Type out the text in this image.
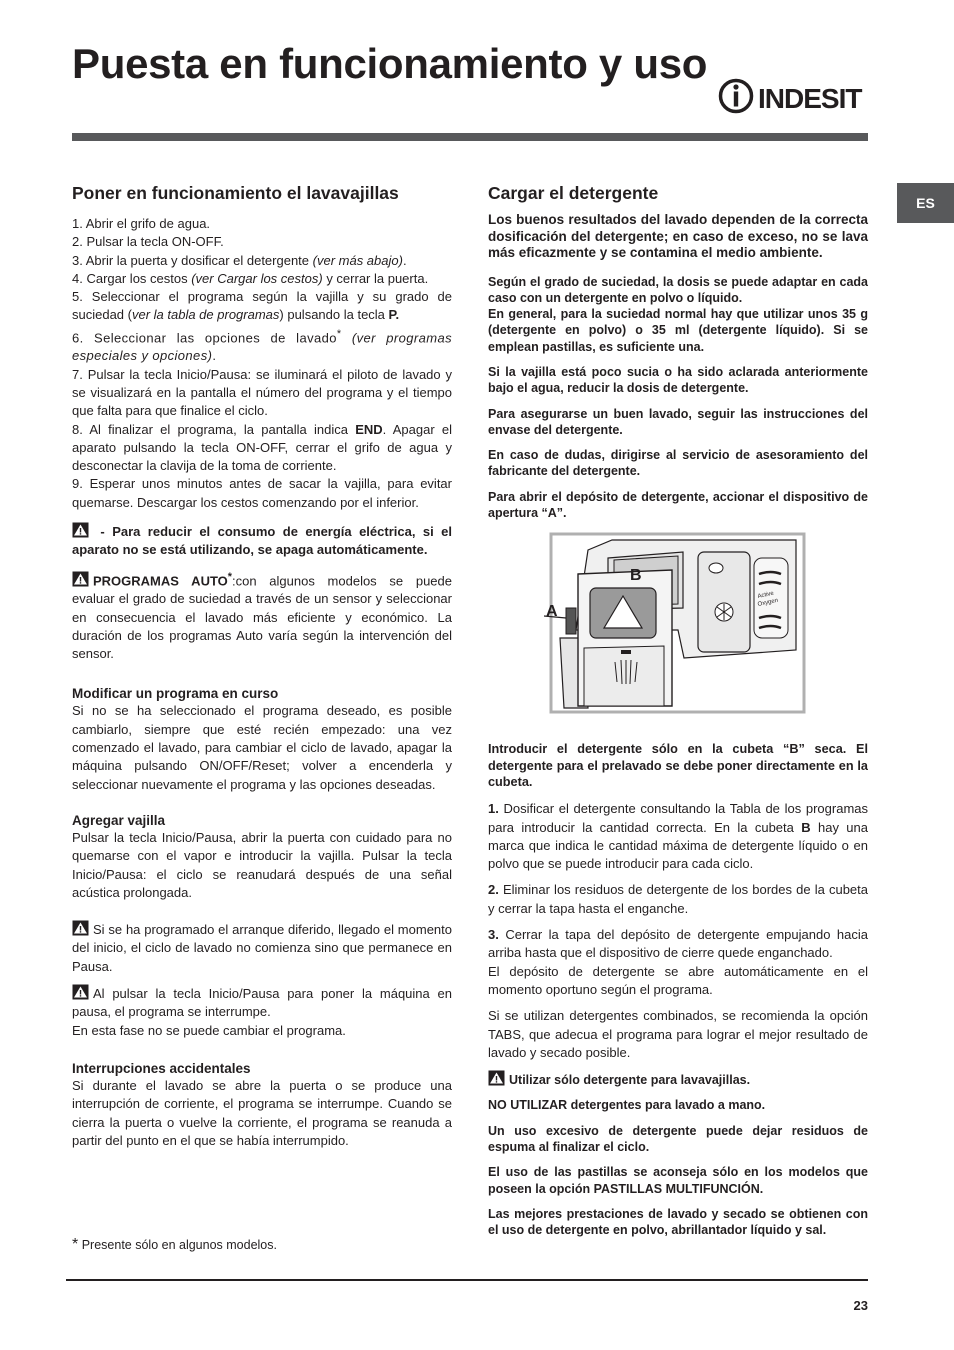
Puesta en funcionamiento y uso
INDESIT
ES
Poner en funcionamiento el lavavajillas

1. Abrir el grifo de agua.

2. Pulsar la tecla ON-OFF.

3. Abrir la puerta y dosificar el detergente (ver más abajo).

4. Cargar los cestos (ver Cargar los cestos) y cerrar la puerta.

5. Seleccionar el programa según la vajilla y su grado de suciedad (ver la tabla de programas) pulsando la tecla P.

6. Seleccionar las opciones de lavado* (ver programas especiales y opciones).

7. Pulsar la tecla Inicio/Pausa: se iluminará el piloto de lavado y se visualizará en la pantalla el número del programa y el tiempo que falta para que finalice el ciclo.

8. Al finalizar el programa, la pantalla indica END. Apagar el aparato pulsando la tecla ON-OFF, cerrar el grifo de agua y desconectar la clavija de la toma de corriente.

9. Esperar unos minutos antes de sacar la vajilla, para evitar quemarse. Descargar los cestos comenzando por el inferior.

- Para reducir el consumo de energía eléctrica, si el aparato no se está utilizando, se apaga automáticamente.

PROGRAMAS AUTO*:con algunos modelos se puede evaluar el grado de suciedad a través de un sensor y seleccionar en consecuencia el lavado más eficiente y económico. La duración de los programas Auto varía según la intervención del sensor.

Modificar un programa en curso

Si no se ha seleccionado el programa deseado, es posible cambiarlo, siempre que esté recién empezado: una vez comenzado el lavado, para cambiar el ciclo de lavado, apagar la máquina pulsando ON/OFF/Reset; volver a encenderla y seleccionar nuevamente el programa y las opciones deseadas.

Agregar vajilla

Pulsar la tecla Inicio/Pausa, abrir la puerta con cuidado para no quemarse con el vapor e introducir la vajilla. Pulsar la tecla Inicio/Pausa: el ciclo se reanudará después de una señal acústica prolongada.

Si se ha programado el arranque diferido, llegado el momento del inicio, el ciclo de lavado no comienza sino que permanece en Pausa.

Al pulsar la tecla Inicio/Pausa para poner la máquina en pausa, el programa se interrumpe.

En esta fase no se puede cambiar el programa.

Interrupciones accidentales

Si durante el lavado se abre la puerta o se produce una interrupción de corriente, el programa se interrumpe. Cuando se cierra la puerta o vuelve la corriente, el programa se reanuda a partir del punto en el que se había interrumpido.

Cargar el detergente

Los buenos resultados del lavado dependen de la correcta dosificación del detergente; en caso de exceso, no se lava más eficazmente y se contamina el medio ambiente.

Según el grado de suciedad, la dosis se puede adaptar en cada caso con un detergente en polvo o líquido.

En general, para la suciedad normal hay que utilizar unos 35 g (detergente en polvo) o 35 ml (detergente líquido). Si se emplean pastillas, es suficiente una.

Si la vajilla está poco sucia o ha sido aclarada anteriormente bajo el agua, reducir la dosis de detergente.

Para asegurarse un buen lavado, seguir las instrucciones del envase del detergente.

En caso de dudas, dirigirse al servicio de asesoramiento del fabricante del detergente.

Para abrir el depósito de detergente, accionar el dispositivo de apertura “A”.

Active
Oxygen
B
A

Introducir el detergente sólo en la cubeta “B” seca. El detergente para el prelavado se debe poner directamente en la cubeta.

1. Dosificar el detergente consultando la Tabla de los programas para introducir la cantidad correcta. En la cubeta B hay una marca que indica le cantidad máxima de detergente líquido o en polvo que se puede introducir para cada ciclo.

2. Eliminar los residuos de detergente de los bordes de la cubeta y cerrar la tapa hasta el enganche.

3. Cerrar la tapa del depósito de detergente empujando hacia arriba hasta que el dispositivo de cierre quede enganchado.

El depósito de detergente se abre automáticamente en el momento oportuno según el programa.

Si se utilizan detergentes combinados, se recomienda la opción TABS, que adecua el programa para lograr el mejor resultado de lavado y secado posible.

Utilizar sólo detergente para lavavajillas.

NO UTILIZAR detergentes para lavado a mano.

Un uso excesivo de detergente puede dejar residuos de espuma al finalizar el ciclo.

El uso de las pastillas se aconseja sólo en los modelos que poseen la opción PASTILLAS MULTIFUNCIÓN.

Las mejores prestaciones de lavado y secado se obtienen con el uso de detergente en polvo, abrillantador líquido y sal.

* Presente sólo en algunos modelos.
23
